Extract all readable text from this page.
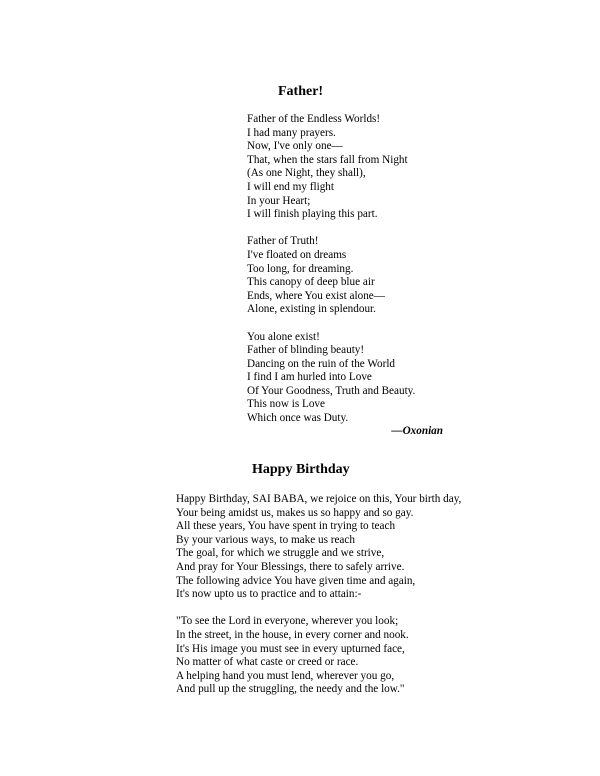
Father!
Father of the Endless Worlds!
I had many prayers.
Now, I've only one—
That, when the stars fall from Night
(As one Night, they shall),
I will end my flight
In your Heart;
I will finish playing this part.
Father of Truth!
I've floated on dreams
Too long, for dreaming.
This canopy of deep blue air
Ends, where You exist alone—
Alone, existing in splendour.
You alone exist!
Father of blinding beauty!
Dancing on the ruin of the World
I find I am hurled into Love
Of Your Goodness, Truth and Beauty.
This now is Love
Which once was Duty.
—Oxonian
Happy Birthday
Happy Birthday, SAI BABA, we rejoice on this, Your birth day,
Your being amidst us, makes us so happy and so gay.
All these years, You have spent in trying to teach
By your various ways, to make us reach
The goal, for which we struggle and we strive,
And pray for Your Blessings, there to safely arrive.
The following advice You have given time and again,
It's now upto us to practice and to attain:-
"To see the Lord in everyone, wherever you look;
In the street, in the house, in every corner and nook.
It's His image you must see in every upturned face,
No matter of what caste or creed or race.
A helping hand you must lend, wherever you go,
And pull up the struggling, the needy and the low."
